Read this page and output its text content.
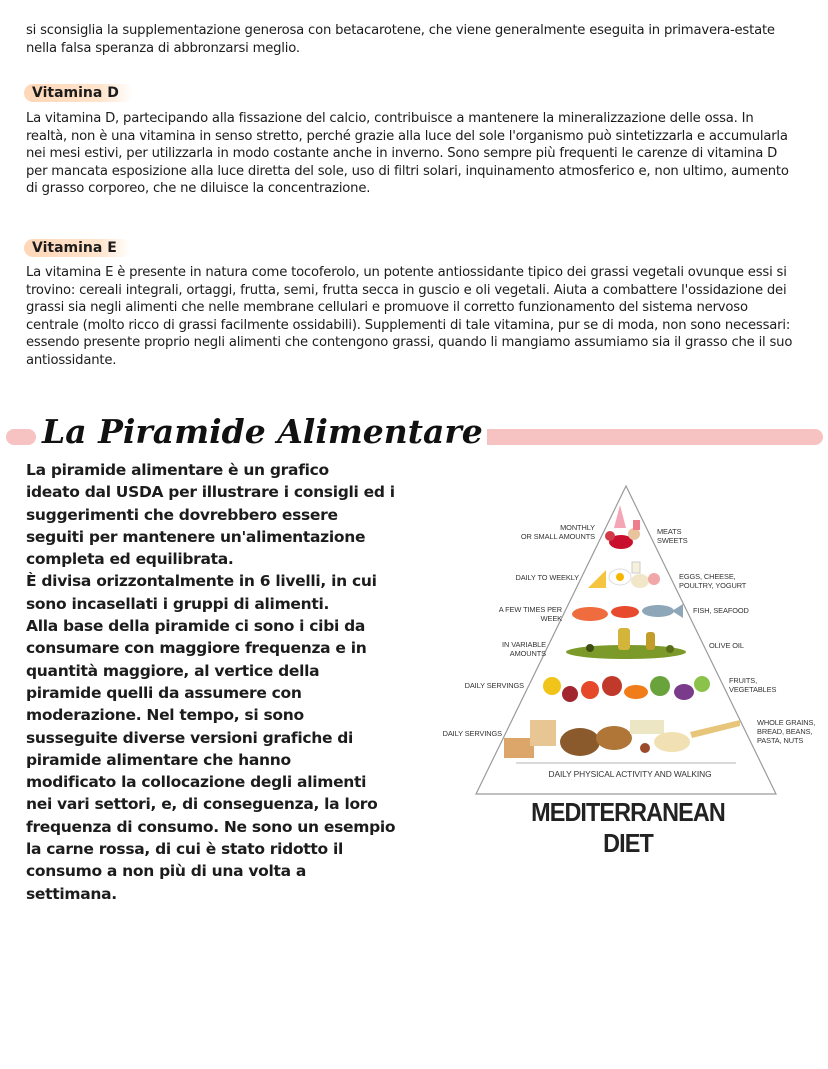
si sconsiglia la supplementazione generosa con betacarotene, che viene generalmente eseguita in primavera-estate nella falsa speranza di abbronzarsi meglio.

Vitamina D

La vitamina D, partecipando alla fissazione del calcio, contribuisce a mantenere la mineralizzazione delle ossa. In realtà, non è una vitamina in senso stretto, perché grazie alla luce del sole l'organismo può sintetizzarla e accumularla nei mesi estivi, per utilizzarla in modo costante anche in inverno. Sono sempre più frequenti le carenze di vitamina D per mancata esposizione alla luce diretta del sole, uso di filtri solari, inquinamento atmosferico e, non ultimo, aumento di grasso corporeo, che ne diluisce la concentrazione.

Vitamina E

La vitamina E è presente in natura come tocoferolo, un potente antiossidante tipico dei grassi vegetali ovunque essi si trovino: cereali integrali, ortaggi, frutta, semi, frutta secca in guscio e oli vegetali. Aiuta a combattere l'ossidazione dei grassi sia negli alimenti che nelle membrane cellulari e promuove il corretto funzionamento del sistema nervoso centrale (molto ricco di grassi facilmente ossidabili). Supplementi di tale vitamina, pur se di moda, non sono necessari: essendo presente proprio negli alimenti che contengono grassi, quando li mangiamo assumiamo sia il grasso che il suo antiossidante.

La Piramide Alimentare

La piramide alimentare è un grafico
ideato dal USDA per illustrare i consigli ed i
suggerimenti che dovrebbero essere
seguiti per mantenere un'alimentazione
completa ed equilibrata.
È divisa orizzontalmente in 6 livelli, in cui
sono incasellati i gruppi di alimenti.
Alla base della piramide ci sono i cibi da
consumare con maggiore frequenza e in
quantità maggiore, al vertice della
piramide quelli da assumere con
moderazione. Nel tempo, si sono
susseguite diverse versioni grafiche di
piramide alimentare che hanno
modificato la collocazione degli alimenti
nei vari settori, e, di conseguenza, la loro
frequenza di consumo. Ne sono un esempio
la carne rossa, di cui è stato ridotto il
consumo a non più di una volta a
settimana.

MONTHLY
OR SMALL AMOUNTS
DAILY TO WEEKLY
A FEW TIMES PER WEEK
IN VARIABLE AMOUNTS
DAILY SERVINGS
DAILY SERVINGS
MEATS
SWEETS
EGGS, CHEESE,
POULTRY, YOGURT
FISH, SEAFOOD
OLIVE OIL
FRUITS,
VEGETABLES
WHOLE GRAINS,
BREAD, BEANS,
PASTA, NUTS
DAILY PHYSICAL ACTIVITY AND WALKING
MEDITERRANEAN DIET
